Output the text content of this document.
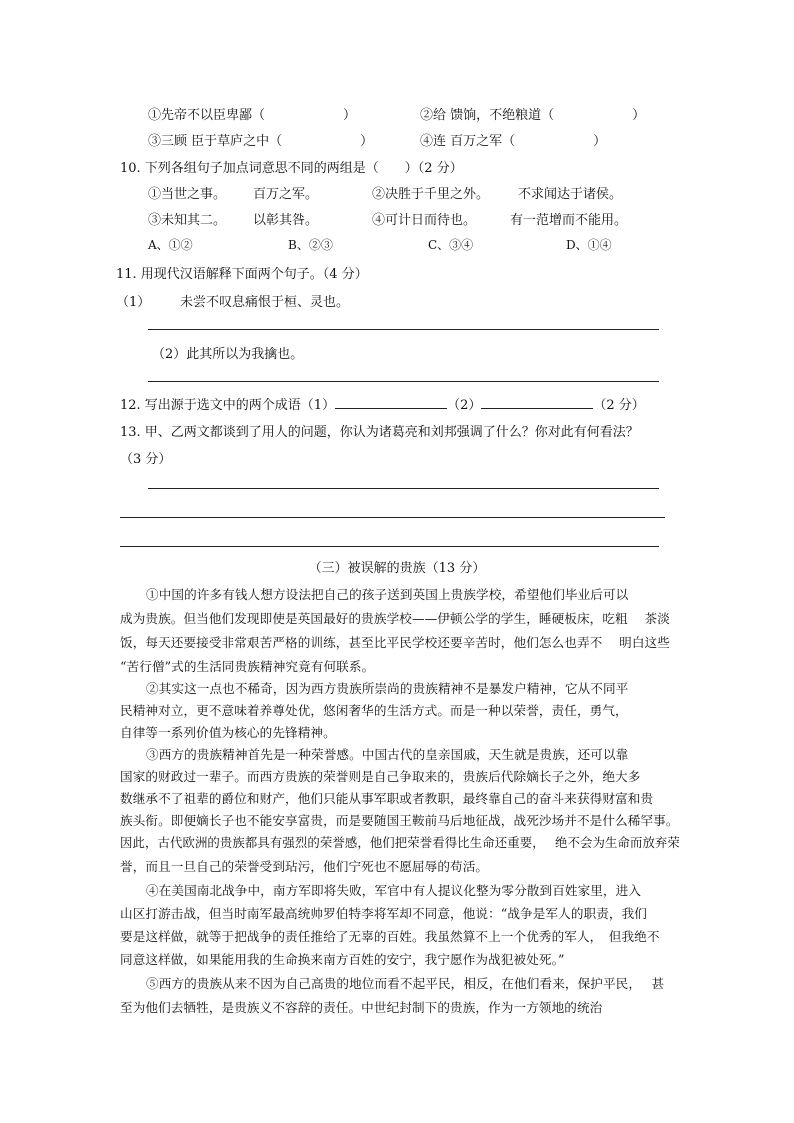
①先帝不以臣卑鄙（　　　　　　）	②给 馈饷，不绝粮道（　　　　　　）
③三顾 臣于草庐之中（　　　　　　）	④连 百万之军（　　　　　　）
10. 下列各组句子加点词意思不同的两组是（　　）（2 分）
①当世之事。 百万之军。	②决胜于千里之外。 不求闻达于诸侯。
③未知其二。 以彰其咎。	④可计日而待也。	有一范增而不能用。
A、①②	B、②③	C、③④	D、①④
11. 用现代汉语解释下面两个句子。（4 分）
（1） 未尝不叹息痛恨于桓、灵也。
（2）此其所以为我擒也。
12. 写出源于选文中的两个成语（1）	（2）	（2 分）
13. 甲、乙两文都谈到了用人的问题，你认为诸葛亮和刘邦强调了什么？你对此有何看法？
（3 分）
（三）被误解的贵族（13 分）
①中国的许多有钱人想方设法把自己的孩子送到英国上贵族学校，希望他们毕业后可以
成为贵族。但当他们发现即使是英国最好的贵族学校——伊顿公学的学生，睡硬板床，吃粗　 茶淡
饭，每天还要接受非常艰苦严格的训练，甚至比平民学校还要辛苦时，他们怎么也弄不　 明白这些
“苦行僧”式的生活同贵族精神究竟有何联系。
②其实这一点也不稀奇，因为西方贵族所崇尚的贵族精神不是暴发户精神，它从不同平
民精神对立，更不意味着养尊处优，悠闲奢华的生活方式。而是一种以荣誉，责任，勇气，
自律等一系列价值为核心的先锋精神。
③西方的贵族精神首先是一种荣誉感。中国古代的皇亲国戚，天生就是贵族，还可以靠
国家的财政过一辈子。而西方贵族的荣誉则是自己争取来的，贵族后代除嫡长子之外，绝大多
数继承不了祖辈的爵位和财产，他们只能从事军职或者教职，最终靠自己的奋斗来获得财富和贵
族头衔。即便嫡长子也不能安享富贵，而是要随国王鞍前马后地征战，战死沙场并不是什么稀罕事。
因此，古代欧洲的贵族都具有强烈的荣誉感，他们把荣誉看得比生命还重要，　 绝不会为生命而放弃荣
誉，而且一旦自己的荣誉受到玷污，他们宁死也不愿屈辱的苟活。
④在美国南北战争中，南方军即将失败，军官中有人提议化整为零分散到百姓家里，进入
山区打游击战，但当时南军最高统帅罗伯特李将军却不同意，他说：“战争是军人的职责，我们
要是这样做，就等于把战争的责任推给了无辜的百姓。我虽然算不上一个优秀的军人，　但我绝不
同意这样做，如果能用我的生命换来南方百姓的安宁，我宁愿作为战犯被处死。”
⑤西方的贵族从来不因为自己高贵的地位而看不起平民，相反，在他们看来，保护平民，　 甚
至为他们去牺牲，是贵族义不容辞的责任。中世纪封制下的贵族，作为一方领地的统治
